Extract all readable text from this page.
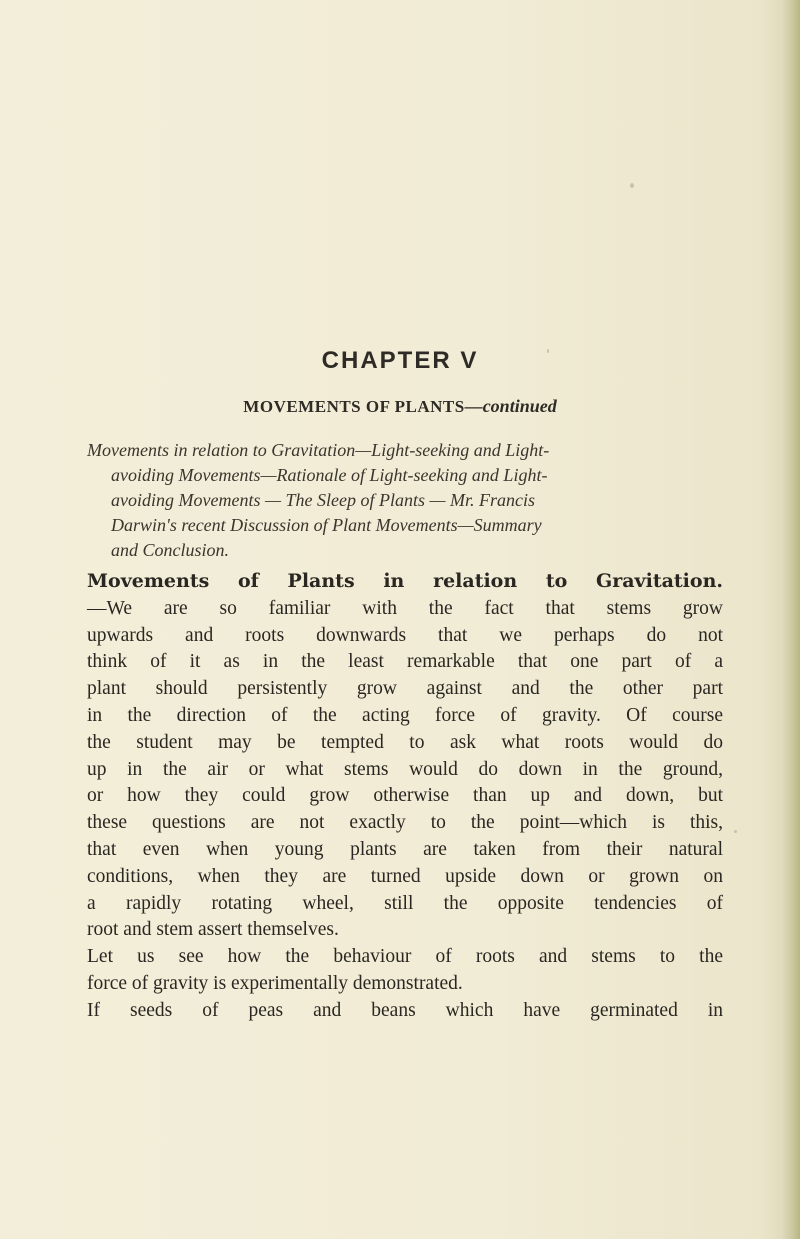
CHAPTER V
MOVEMENTS OF PLANTS—continued
Movements in relation to Gravitation—Light-seeking and Light-
avoiding Movements—Rationale of Light-seeking and Light-
avoiding Movements — The Sleep of Plants — Mr. Francis
Darwin's recent Discussion of Plant Movements—Summary
and Conclusion.
Movements of Plants in relation to Gravitation.
—We are so familiar with the fact that stems grow
upwards and roots downwards that we perhaps do not
think of it as in the least remarkable that one part of a
plant should persistently grow against and the other part
in the direction of the acting force of gravity. Of course
the student may be tempted to ask what roots would do
up in the air or what stems would do down in the ground,
or how they could grow otherwise than up and down, but
these questions are not exactly to the point—which is this,
that even when young plants are taken from their natural
conditions, when they are turned upside down or grown on
a rapidly rotating wheel, still the opposite tendencies of
root and stem assert themselves.
Let us see how the behaviour of roots and stems to the
force of gravity is experimentally demonstrated.
If seeds of peas and beans which have germinated in
